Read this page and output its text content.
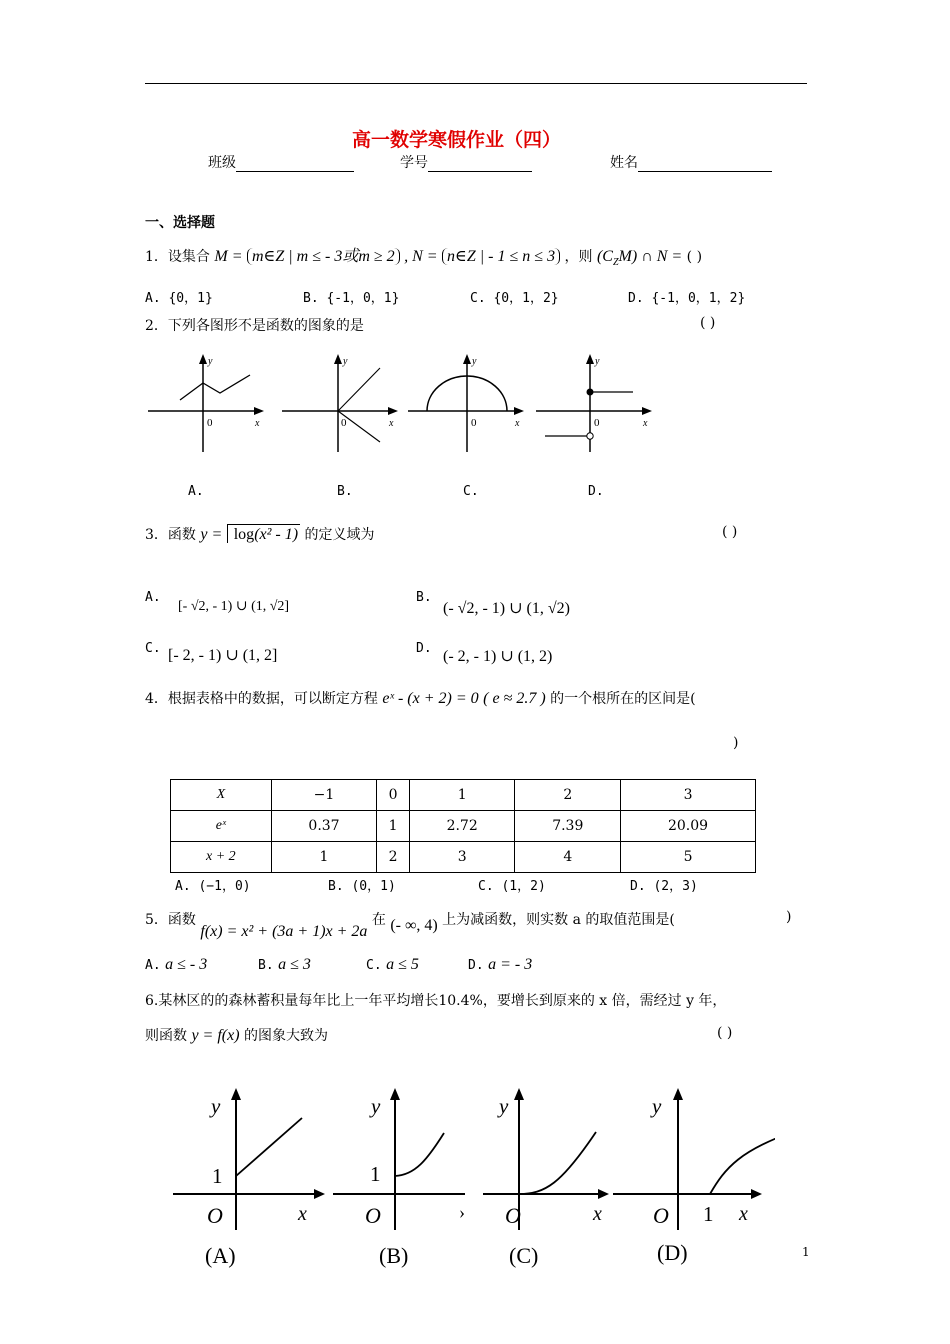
高一数学寒假作业（四）
班级	学号	姓名
一、选择题
1．设集合 M = m∈Z | m ≤ - 3或m ≥ 2 , N = n∈Z | - 1 ≤ n ≤ 3 ，则 $(C_ZM)$ ∩ N = ( )
A. {0，1}	B. {-1，0，1}	C. {0，1，2}	D. {-1，0，1，2}
2．下列各图形不是函数的图象的是	( )
y
0	x
y
0	x
y
0	x
y
0	x
A.	B.	C.	D.
3．函数 y = log(x² - 1) 的定义域为	( )
A.
[- √2, - 1) ∪ (1, √2]
B.
(- √2, - 1) ∪ (1, √2)
C. [- 2, - 1) ∪ (1, 2]	D. (- 2, - 1) ∪ (1, 2)
4．根据表格中的数据，可以断定方程 eˣ - (x + 2) = 0 ( e ≈ 2.7 ) 的一个根所在的区间是(
)
X	−1	0	1	2	3
eˣ	0.37	1	2.72	7.39	20.09
x + 2	1	2	3	4	5
A. (−1，0)	B. (0，1)	C. (1，2)	D. (2，3)
5．函数 f(x) = x² + (3a + 1)x + 2a 在 (- ∞, 4) 上为减函数，则实数 a 的取值范围是(	)
A. a ≤ - 3	B. a ≤ 3	C. a ≤ 5	D. a = - 3
6.某林区的的森林蓄积量每年比上一年平均增长10.4%，要增长到原来的 x 倍，需经过 y 年，
则函数 y = f(x) 的图象大致为	( )
y
1
O	x
(A)
y
1
O	›
(B)
y
O	x
(C)
y
O 1 x
(D)	1
